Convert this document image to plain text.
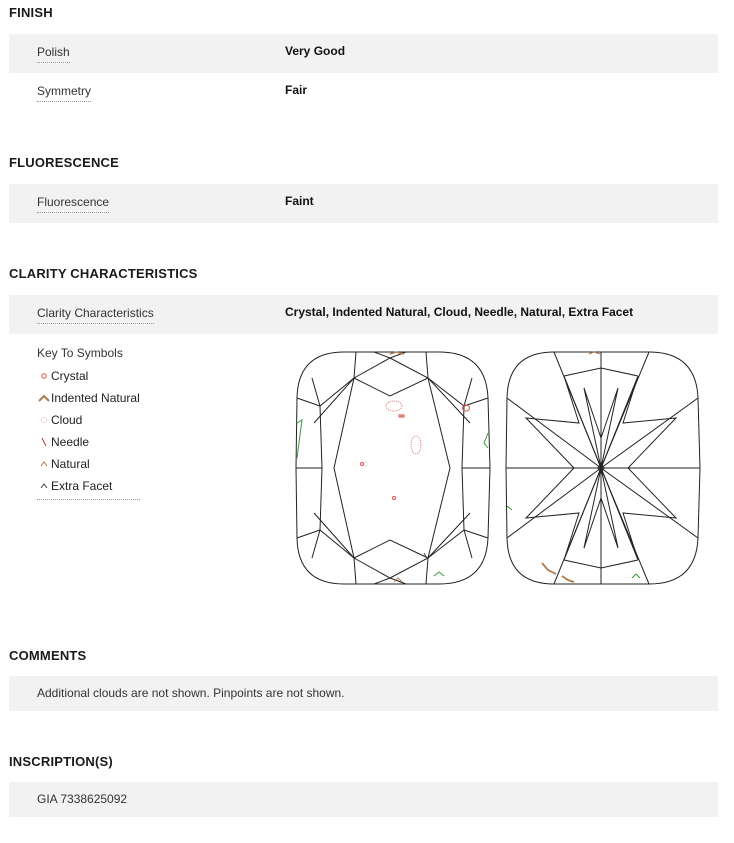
FINISH
Polish	Very Good
Symmetry	Fair
FLUORESCENCE
Fluorescence	Faint
CLARITY CHARACTERISTICS
Clarity Characteristics	Crystal, Indented Natural, Cloud, Needle, Natural, Extra Facet
Key To Symbols
Crystal
Indented Natural
Cloud
Needle
Natural
Extra Facet
COMMENTS
Additional clouds are not shown. Pinpoints are not shown.
INSCRIPTION(S)
GIA 7338625092
